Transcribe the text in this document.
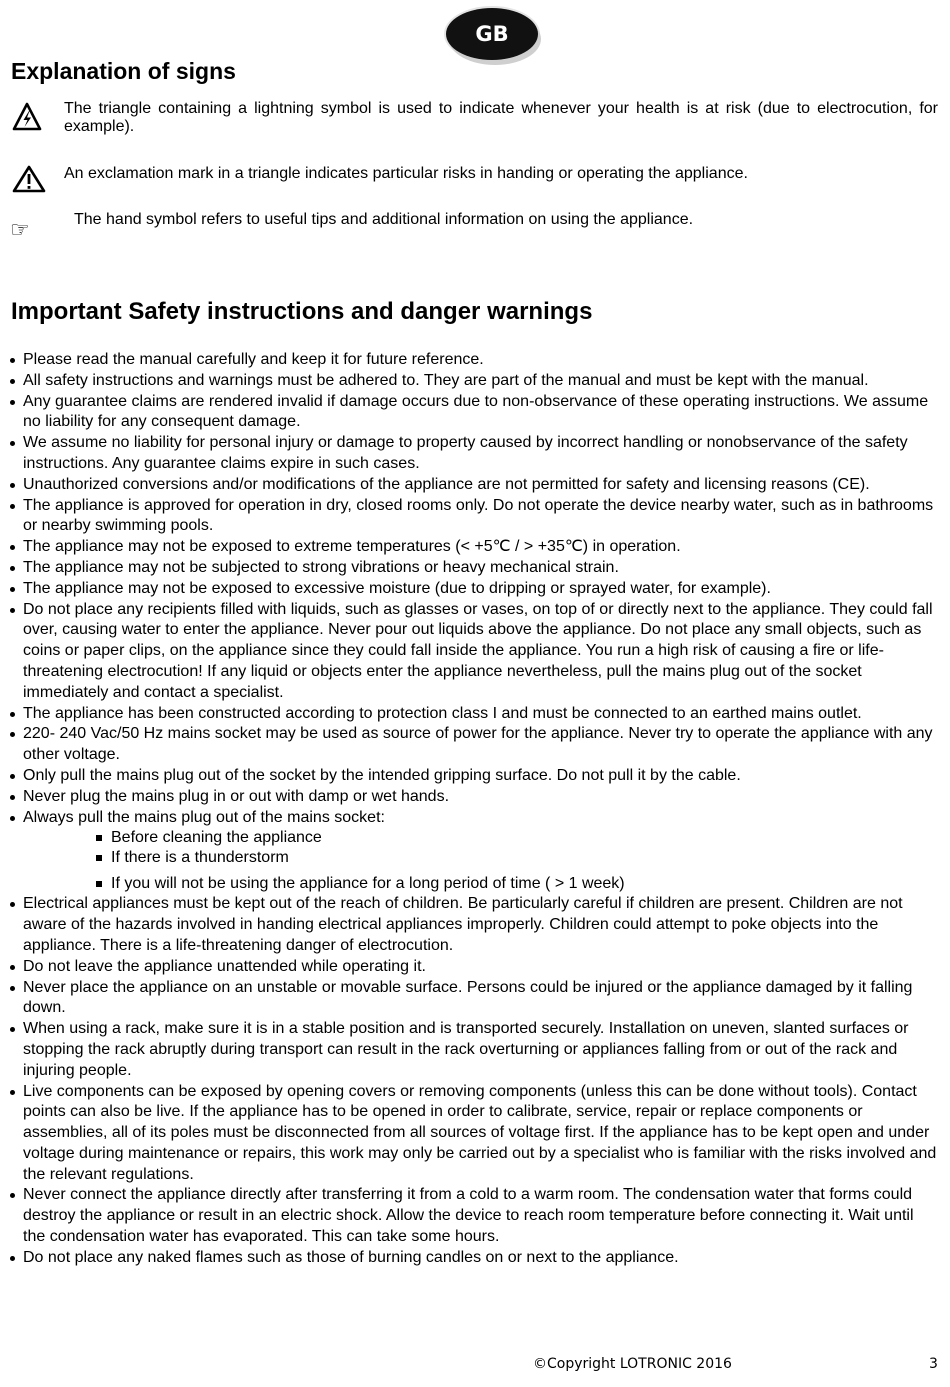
GB
Explanation of signs
The triangle containing a lightning symbol is used to indicate whenever your health is at risk (due to electrocution, for example).
An exclamation mark in a triangle indicates particular risks in handing or operating the appliance.
☞	The hand symbol refers to useful tips and additional information on using the appliance.
Important Safety instructions and danger warnings
Please read the manual carefully and keep it for future reference.
All safety instructions and warnings must be adhered to. They are part of the manual and must be kept with the manual.
Any guarantee claims are rendered invalid if damage occurs due to non-observance of these operating instructions. We assume no liability for any consequent damage.
We assume no liability for personal injury or damage to property caused by incorrect handling or nonobservance of the safety instructions. Any guarantee claims expire in such cases.
Unauthorized conversions and/or modifications of the appliance are not permitted for safety and licensing reasons (CE).
The appliance is approved for operation in dry, closed rooms only. Do not operate the device nearby water, such as in bathrooms or nearby swimming pools.
The appliance may not be exposed to extreme temperatures (< +5℃ / > +35℃) in operation.
The appliance may not be subjected to strong vibrations or heavy mechanical strain.
The appliance may not be exposed to excessive moisture (due to dripping or sprayed water, for example).
Do not place any recipients filled with liquids, such as glasses or vases, on top of or directly next to the appliance. They could fall over, causing water to enter the appliance. Never pour out liquids above the appliance. Do not place any small objects, such as coins or paper clips, on the appliance since they could fall inside the appliance. You run a high risk of causing a fire or life-threatening electrocution! If any liquid or objects enter the appliance nevertheless, pull the mains plug out of the socket immediately and contact a specialist.
The appliance has been constructed according to protection class I and must be connected to an earthed mains outlet.
220- 240 Vac/50 Hz mains socket may be used as source of power for the appliance. Never try to operate the appliance with any other voltage.
Only pull the mains plug out of the socket by the intended gripping surface. Do not pull it by the cable.
Never plug the mains plug in or out with damp or wet hands.
Always pull the mains plug out of the mains socket:
Before cleaning the appliance
If there is a thunderstorm
If you will not be using the appliance for a long period of time ( > 1 week)
Electrical appliances must be kept out of the reach of children. Be particularly careful if children are present. Children are not aware of the hazards involved in handing electrical appliances improperly. Children could attempt to poke objects into the appliance. There is a life-threatening danger of electrocution.
Do not leave the appliance unattended while operating it.
Never place the appliance on an unstable or movable surface. Persons could be injured or the appliance damaged by it falling down.
When using a rack, make sure it is in a stable position and is transported securely. Installation on uneven, slanted surfaces or stopping the rack abruptly during transport can result in the rack overturning or appliances falling from or out of the rack and injuring people.
Live components can be exposed by opening covers or removing components (unless this can be done without tools). Contact points can also be live. If the appliance has to be opened in order to calibrate, service, repair or replace components or assemblies, all of its poles must be disconnected from all sources of voltage first. If the appliance has to be kept open and under voltage during maintenance or repairs, this work may only be carried out by a specialist who is familiar with the risks involved and the relevant regulations.
Never connect the appliance directly after transferring it from a cold to a warm room. The condensation water that forms could destroy the appliance or result in an electric shock. Allow the device to reach room temperature before connecting it. Wait until the condensation water has evaporated. This can take some hours.
Do not place any naked flames such as those of burning candles on or next to the appliance.
©Copyright LOTRONIC 2016	3
